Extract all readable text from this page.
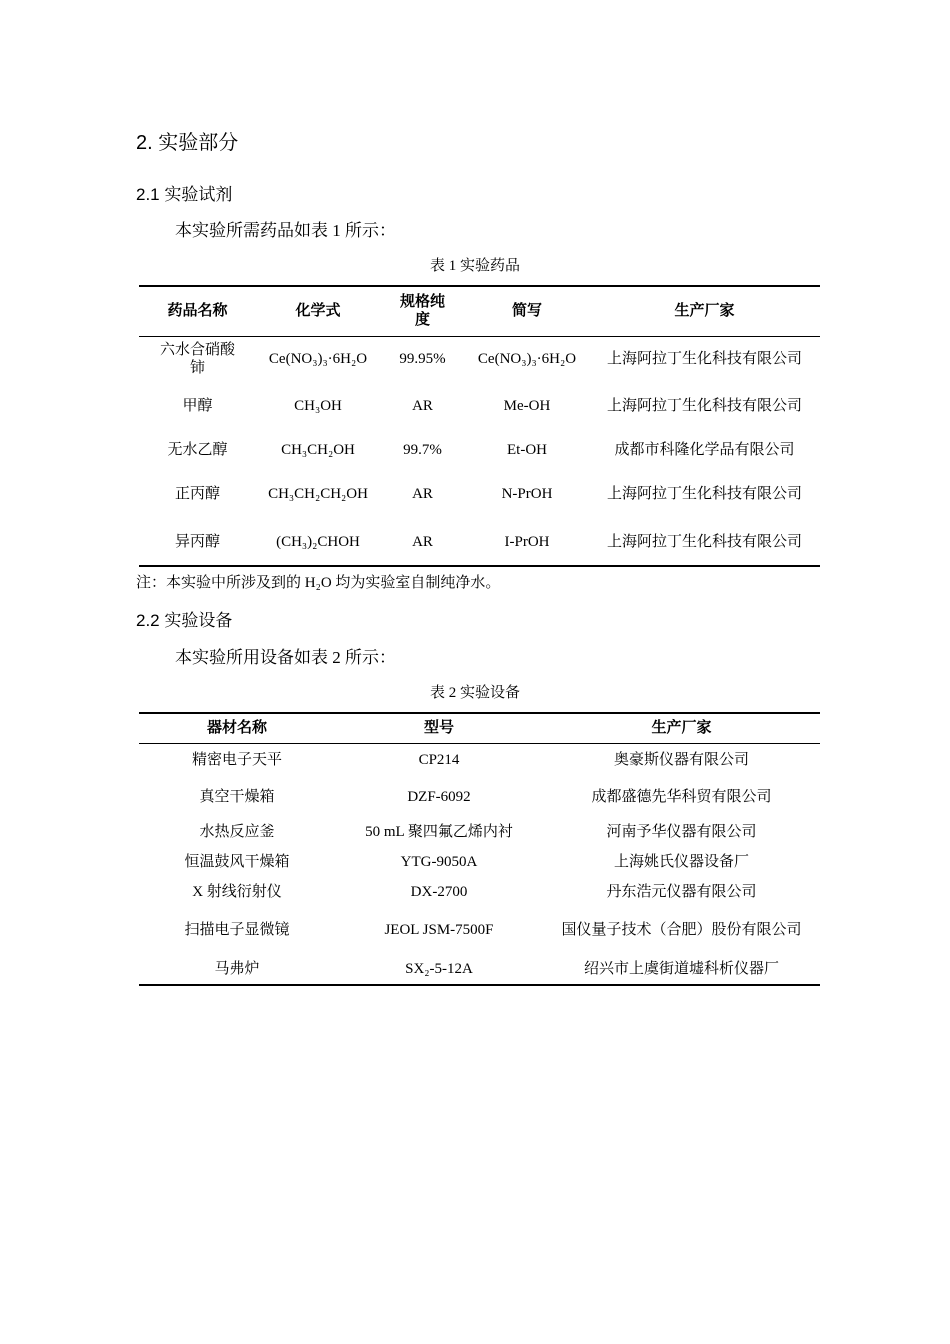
2. 实验部分
2.1 实验试剂
本实验所需药品如表 1 所示：
表 1 实验药品
药品名称	化学式	规格纯度	简写	生产厂家
六水合硝酸铈	Ce(NO₃)₃·6H₂O	99.95%	Ce(NO₃)₃·6H₂O	上海阿拉丁生化科技有限公司
甲醇	CH₃OH	AR	Me-OH	上海阿拉丁生化科技有限公司
无水乙醇	CH₃CH₂OH	99.7%	Et-OH	成都市科隆化学品有限公司
正丙醇	CH₃CH₂CH₂OH	AR	N-PrOH	上海阿拉丁生化科技有限公司
异丙醇	(CH₃)₂CHOH	AR	I-PrOH	上海阿拉丁生化科技有限公司
注：本实验中所涉及到的 H₂O 均为实验室自制纯净水。
2.2 实验设备
本实验所用设备如表 2 所示：
表 2 实验设备
器材名称	型号	生产厂家
精密电子天平	CP214	奥豪斯仪器有限公司
真空干燥箱	DZF-6092	成都盛德先华科贸有限公司
水热反应釜	50 mL 聚四氟乙烯内衬	河南予华仪器有限公司
恒温鼓风干燥箱	YTG-9050A	上海姚氏仪器设备厂
X 射线衍射仪	DX-2700	丹东浩元仪器有限公司
扫描电子显微镜	JEOL JSM-7500F	国仪量子技术（合肥）股份有限公司
马弗炉	SX₂-5-12A	绍兴市上虞街道墟科析仪器厂
